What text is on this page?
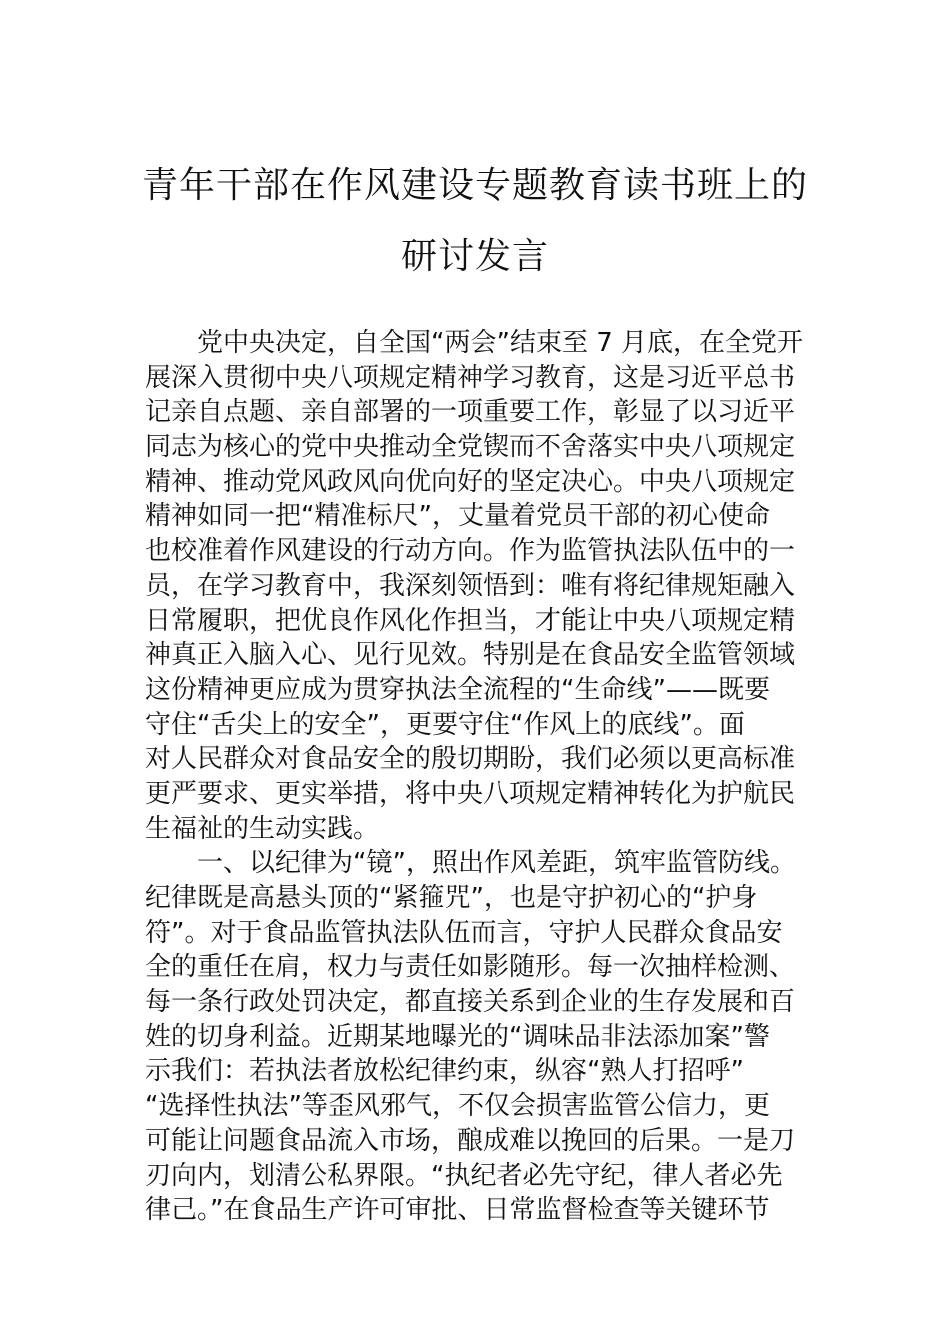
青年干部在作风建设专题教育读书班上的
研讨发言
党中央决定，自全国“两会”结束至 7 月底，在全党开
展深入贯彻中央八项规定精神学习教育，这是习近平总书
记亲自点题、亲自部署的一项重要工作，彰显了以习近平
同志为核心的党中央推动全党锲而不舍落实中央八项规定
精神、推动党风政风向优向好的坚定决心。中央八项规定
精神如同一把“精准标尺”，丈量着党员干部的初心使命
也校准着作风建设的行动方向。作为监管执法队伍中的一
员，在学习教育中，我深刻领悟到：唯有将纪律规矩融入
日常履职，把优良作风化作担当，才能让中央八项规定精
神真正入脑入心、见行见效。特别是在食品安全监管领域
这份精神更应成为贯穿执法全流程的“生命线”——既要
守住“舌尖上的安全”，更要守住“作风上的底线”。面
对人民群众对食品安全的殷切期盼，我们必须以更高标准
更严要求、更实举措，将中央八项规定精神转化为护航民
生福祉的生动实践。
一、以纪律为“镜”，照出作风差距，筑牢监管防线。
纪律既是高悬头顶的“紧箍咒”，也是守护初心的“护身
符”。对于食品监管执法队伍而言，守护人民群众食品安
全的重任在肩，权力与责任如影随形。每一次抽样检测、
每一条行政处罚决定，都直接关系到企业的生存发展和百
姓的切身利益。近期某地曝光的“调味品非法添加案”警
示我们：若执法者放松纪律约束，纵容“熟人打招呼”
“选择性执法”等歪风邪气，不仅会损害监管公信力，更
可能让问题食品流入市场，酿成难以挽回的后果。一是刀
刃向内，划清公私界限。“执纪者必先守纪，律人者必先
律己。”在食品生产许可审批、日常监督检查等关键环节
